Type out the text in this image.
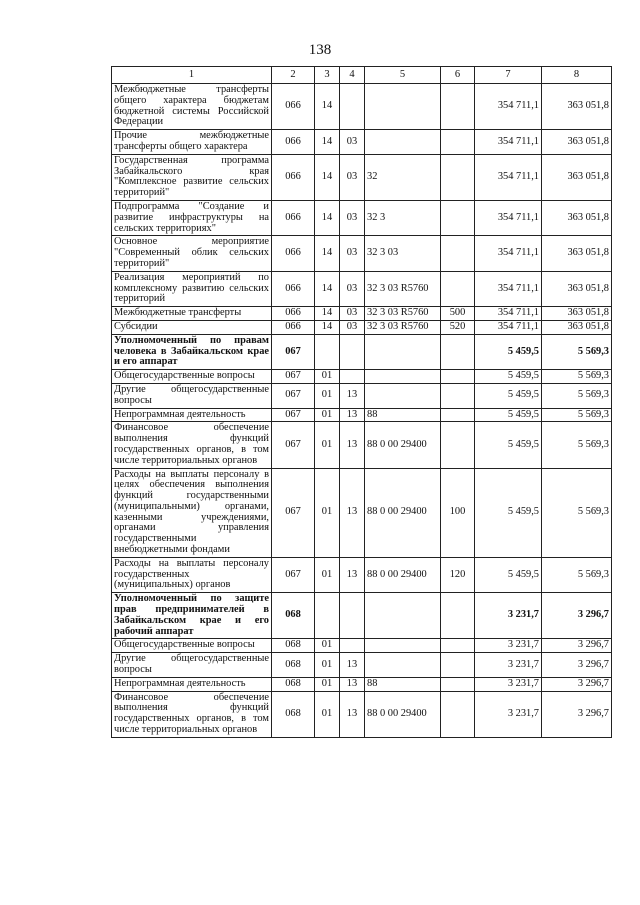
138
1	2	3	4	5	6	7	8
Межбюджетные трансферты общего характера бюджетам бюджетной системы Российской Федерации	066	14				354 711,1	363 051,8
Прочие межбюджетные трансферты общего характера	066	14	03			354 711,1	363 051,8
Государственная программа Забайкальского края "Комплексное развитие сельских территорий"	066	14	03	32		354 711,1	363 051,8
Подпрограмма "Создание и развитие инфраструктуры на сельских территориях"	066	14	03	32 3		354 711,1	363 051,8
Основное мероприятие "Современный облик сельских территорий"	066	14	03	32 3 03		354 711,1	363 051,8
Реализация мероприятий по комплексному развитию сельских территорий	066	14	03	32 3 03 R5760		354 711,1	363 051,8
Межбюджетные трансферты	066	14	03	32 3 03 R5760	500	354 711,1	363 051,8
Субсидии	066	14	03	32 3 03 R5760	520	354 711,1	363 051,8
Уполномоченный по правам человека в Забайкальском крае и его аппарат	067					5 459,5	5 569,3
Общегосударственные вопросы	067	01				5 459,5	5 569,3
Другие общегосударственные вопросы	067	01	13			5 459,5	5 569,3
Непрограммная деятельность	067	01	13	88		5 459,5	5 569,3
Финансовое обеспечение выполнения функций государственных органов, в том числе территориальных органов	067	01	13	88 0 00 29400		5 459,5	5 569,3
Расходы на выплаты персоналу в целях обеспечения выполнения функций государственными (муниципальными) органами, казенными учреждениями, органами управления государственными внебюджетными фондами	067	01	13	88 0 00 29400	100	5 459,5	5 569,3
Расходы на выплаты персоналу государственных (муниципальных) органов	067	01	13	88 0 00 29400	120	5 459,5	5 569,3
Уполномоченный по защите прав предпринимателей в Забайкальском крае и его рабочий аппарат	068					3 231,7	3 296,7
Общегосударственные вопросы	068	01				3 231,7	3 296,7
Другие общегосударственные вопросы	068	01	13			3 231,7	3 296,7
Непрограммная деятельность	068	01	13	88		3 231,7	3 296,7
Финансовое обеспечение выполнения функций государственных органов, в том числе территориальных органов	068	01	13	88 0 00 29400		3 231,7	3 296,7
